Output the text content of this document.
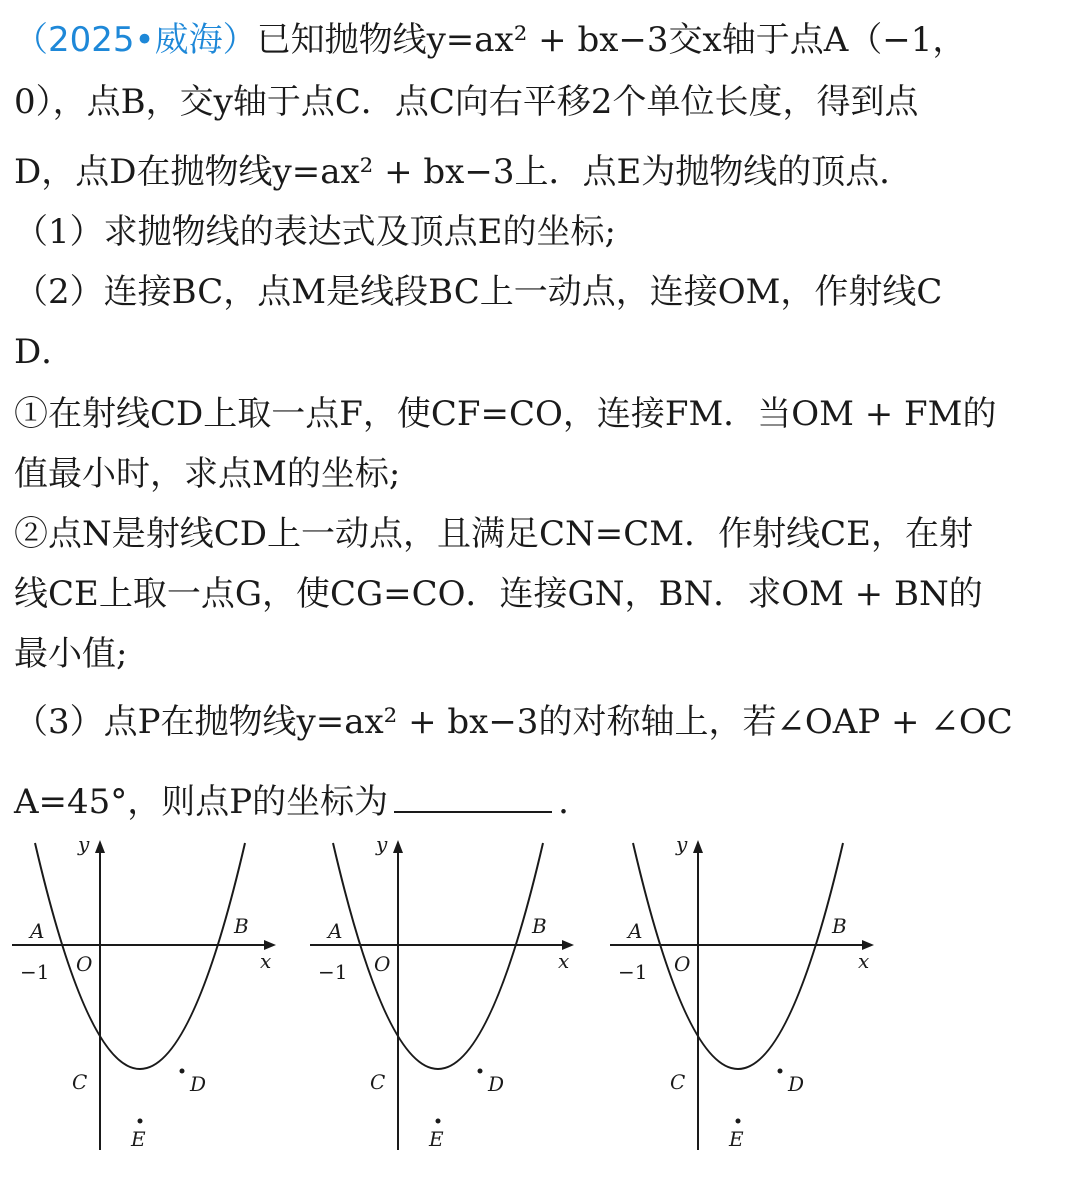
（2025•威海）已知抛物线y=ax² + bx−3交x轴于点A（−1，
0），点B，交y轴于点C．点C向右平移2个单位长度，得到点
D，点D在抛物线y=ax² + bx−3上．点E为抛物线的顶点．
（1）求抛物线的表达式及顶点E的坐标;
（2）连接BC，点M是线段BC上一动点，连接OM，作射线C
D．
①在射线CD上取一点F，使CF=CO，连接FM．当OM + FM的
值最小时，求点M的坐标;
②点N是射线CD上一动点，且满足CN=CM．作射线CE，在射
线CE上取一点G，使CG=CO．连接GN，BN．求OM + BN的
最小值;
（3）点P在抛物线y=ax² + bx−3的对称轴上，若∠OAP + ∠OC
A=45°，则点P的坐标为	．
y
x
A	B
O
−1
C	D
E
y
x
A	B
O
−1
C	D
E
y
x
A	B
O
−1
C	D
E
